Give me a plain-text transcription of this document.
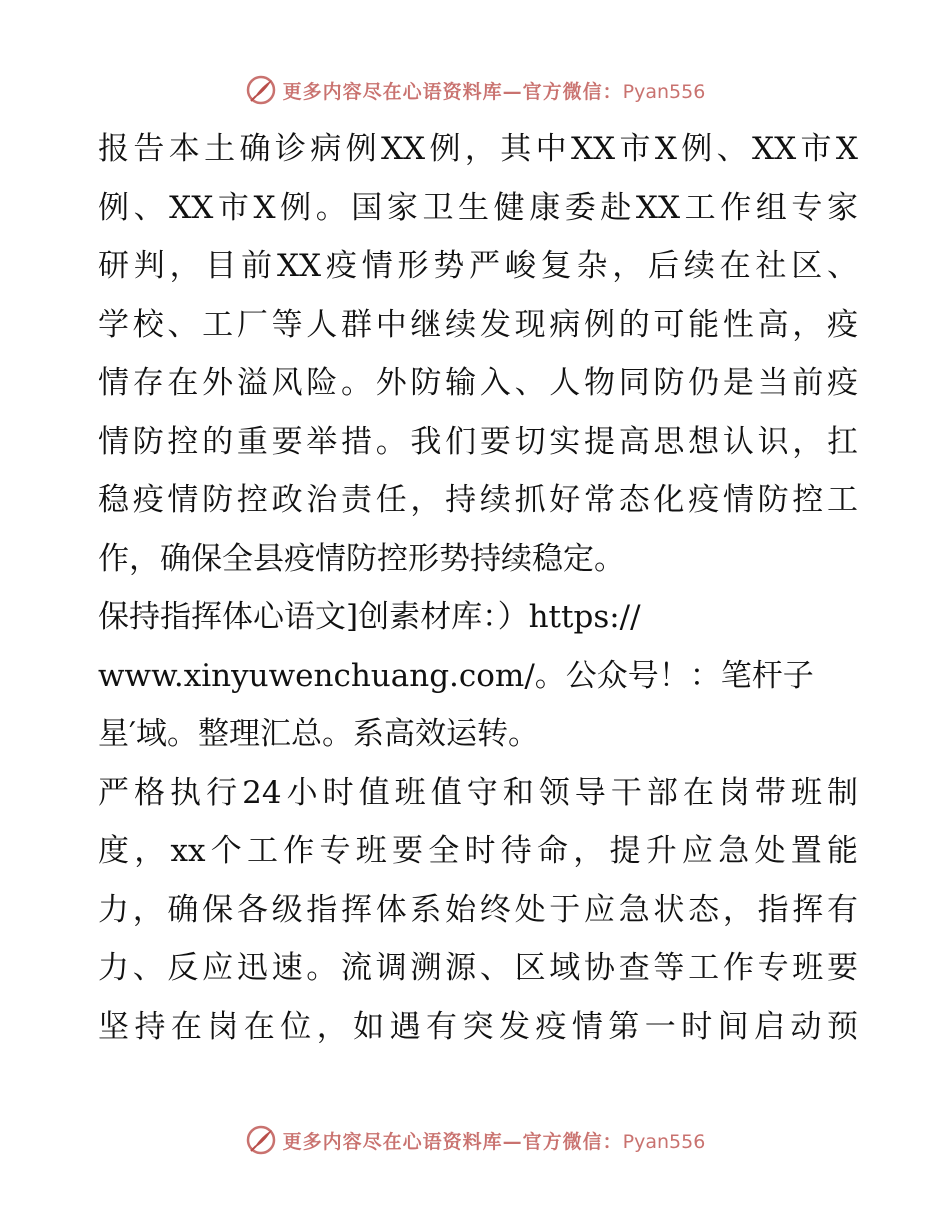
更多内容尽在心语资料库—官方微信：Pyan556
报告本土确诊病例XX例，其中XX市X例、XX市X
例、XX市X例。国家卫生健康委赴XX工作组专家
研判，目前XX疫情形势严峻复杂，后续在社区、
学校、工厂等人群中继续发现病例的可能性高，疫
情存在外溢风险。外防输入、人物同防仍是当前疫
情防控的重要举措。我们要切实提高思想认识，扛
稳疫情防控政治责任，持续抓好常态化疫情防控工
作，确保全县疫情防控形势持续稳定。
保持指挥体心语文]创素材库：）https://
www.xinyuwenchuang.com/。公众号！：笔杆子
星′域。整理汇总。系高效运转。
严格执行24小时值班值守和领导干部在岗带班制
度，xx个工作专班要全时待命，提升应急处置能
力，确保各级指挥体系始终处于应急状态，指挥有
力、反应迅速。流调溯源、区域协查等工作专班要
坚持在岗在位，如遇有突发疫情第一时间启动预
更多内容尽在心语资料库—官方微信：Pyan556
